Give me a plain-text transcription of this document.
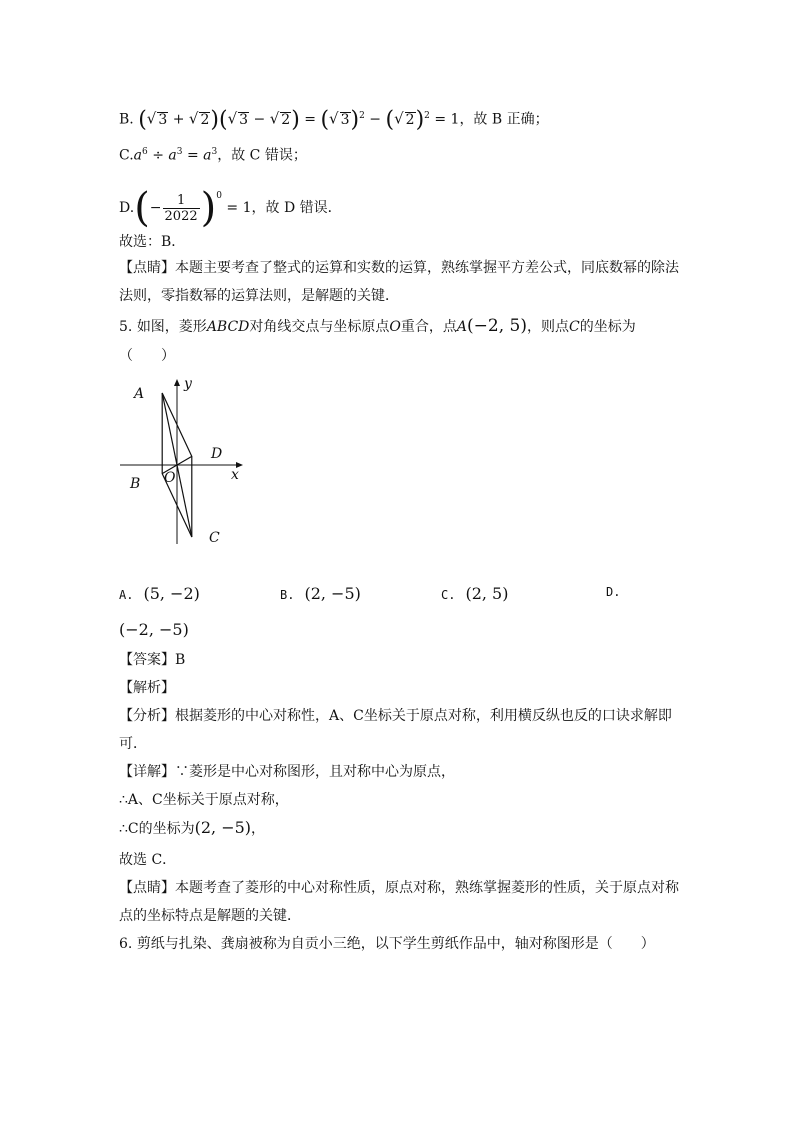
B. (√ 3 + √ 2)(√ 3 − √ 2) = (√ 3)$^2$ − (√ 2)$^2$ = 1，故 B 正确；
$C.a^6 \div a^3 = a^3$，故 C 错误；
$D.(- \frac{1}{2022} )^0 = 1$，故 D 错误．
故选：B．
【点睛】本题主要考查了整式的运算和实数的运算，熟练掌握平方差公式，同底数幂的除法
法则，零指数幂的运算法则，是解题的关键．
5. 如图，菱形ABCD对角线交点与坐标原点O重合，点A(−2, 5)，则点C的坐标为
（　　）
A
B
C
D
O	x
y
A. (5, −2)	B. (2, −5)	C. (2, 5)	D.
(−2, −5)
【答案】B
【解析】
【分析】根据菱形的中心对称性，A、C坐标关于原点对称，利用横反纵也反的口诀求解即
可．
【详解】∵菱形是中心对称图形，且对称中心为原点，
∴A、C坐标关于原点对称，
∴C的坐标为(2, −5)，
故选 C．
【点睛】本题考查了菱形的中心对称性质，原点对称，熟练掌握菱形的性质，关于原点对称
点的坐标特点是解题的关键．
6. 剪纸与扎染、龚扇被称为自贡小三绝，以下学生剪纸作品中，轴对称图形是（　　）
